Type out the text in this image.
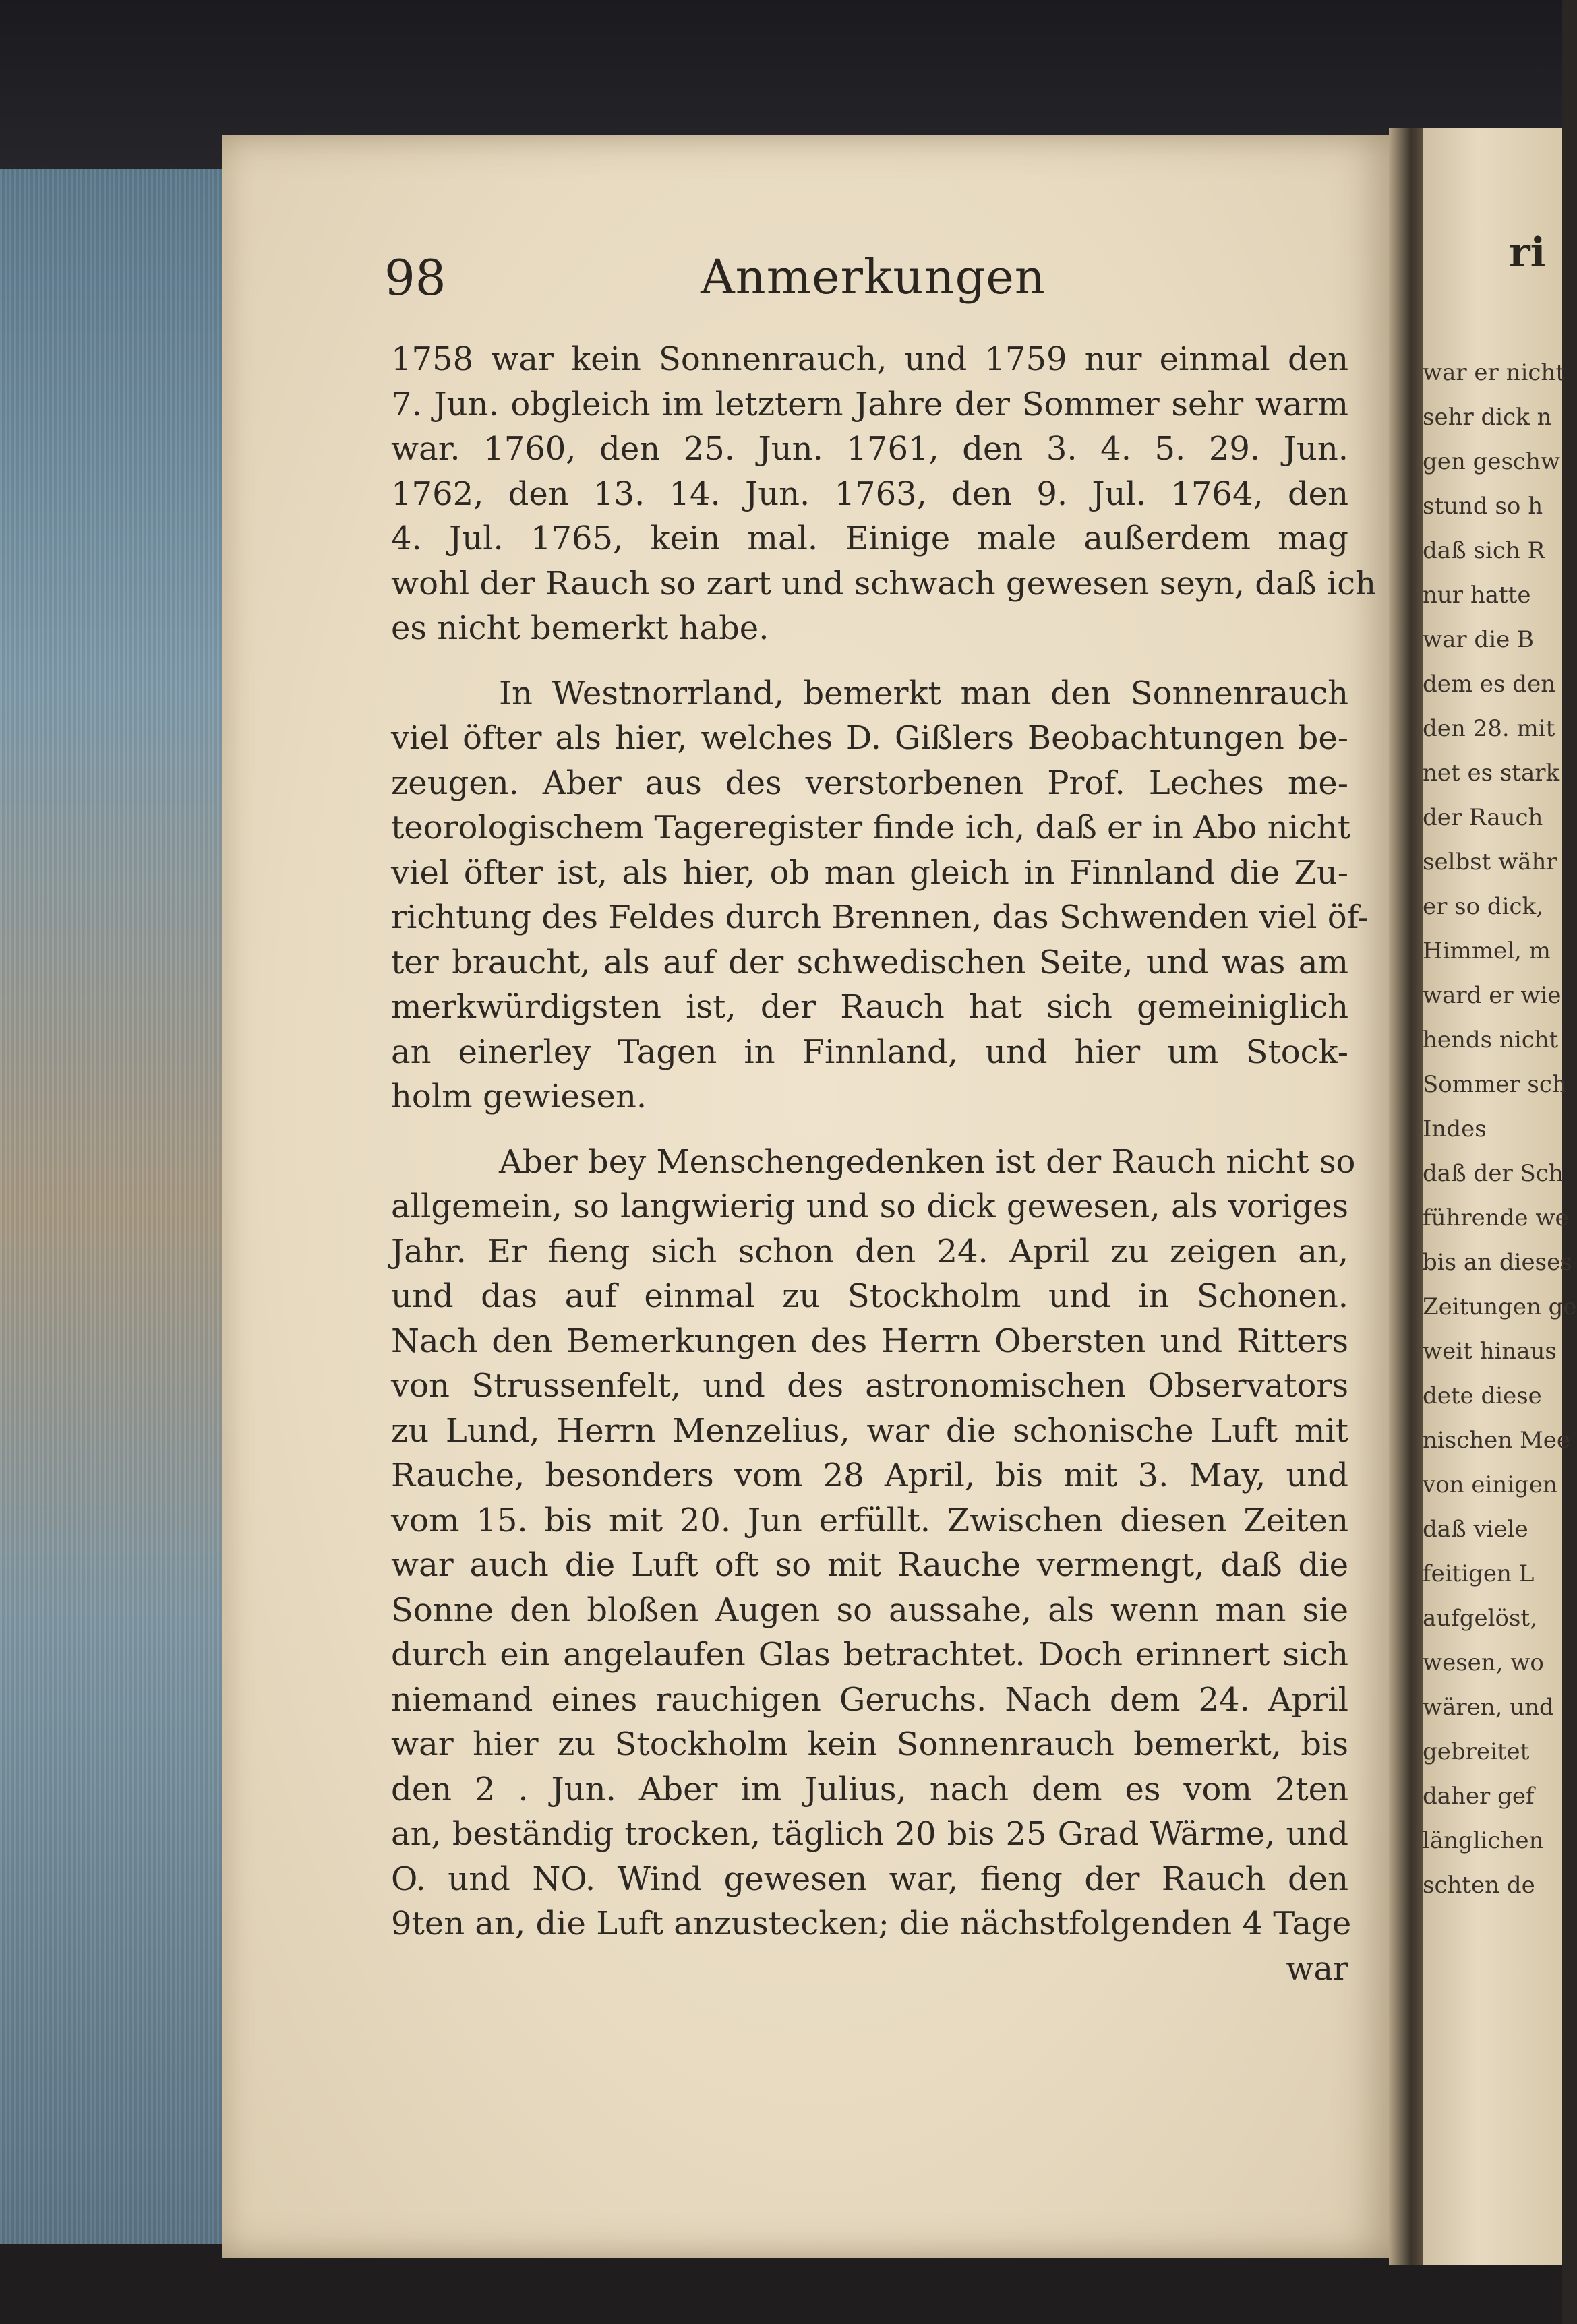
98	Anmerkungen
1758 war kein Sonnenrauch, und 1759 nur einmal den
7. Jun. obgleich im letztern Jahre der Sommer sehr warm
war. 1760, den 25. Jun. 1761, den 3. 4. 5. 29. Jun.
1762, den 13. 14. Jun. 1763, den 9. Jul. 1764, den
4. Jul. 1765, kein mal. Einige male außerdem mag
wohl der Rauch so zart und schwach gewesen seyn, daß ich
es nicht bemerkt habe.
In Westnorrland, bemerkt man den Sonnenrauch
viel öfter als hier, welches D. Gißlers Beobachtungen be-
zeugen. Aber aus des verstorbenen Prof. Leches me-
teorologischem Tageregister finde ich, daß er in Abo nicht
viel öfter ist, als hier, ob man gleich in Finnland die Zu-
richtung des Feldes durch Brennen, das Schwenden viel öf-
ter braucht, als auf der schwedischen Seite, und was am
merkwürdigsten ist, der Rauch hat sich gemeiniglich
an einerley Tagen in Finnland, und hier um Stock-
holm gewiesen.
Aber bey Menschengedenken ist der Rauch nicht so
allgemein, so langwierig und so dick gewesen, als voriges
Jahr. Er fieng sich schon den 24. April zu zeigen an,
und das auf einmal zu Stockholm und in Schonen.
Nach den Bemerkungen des Herrn Obersten und Ritters
von Strussenfelt, und des astronomischen Observators
zu Lund, Herrn Menzelius, war die schonische Luft mit
Rauche, besonders vom 28 April, bis mit 3. May, und
vom 15. bis mit 20. Jun erfüllt. Zwischen diesen Zeiten
war auch die Luft oft so mit Rauche vermengt, daß die
Sonne den bloßen Augen so aussahe, als wenn man sie
durch ein angelaufen Glas betrachtet. Doch erinnert sich
niemand eines rauchigen Geruchs. Nach dem 24. April
war hier zu Stockholm kein Sonnenrauch bemerkt, bis
den 2 . Jun. Aber im Julius, nach dem es vom 2ten
an, beständig trocken, täglich 20 bis 25 Grad Wärme, und
O. und NO. Wind gewesen war, fieng der Rauch den
9ten an, die Luft anzustecken; die nächstfolgenden 4 Tage
war
ri
war er nicht
sehr dick n
gen geschw
stund so h
daß sich R
nur hatte
war die B
dem es den
den 28. mit
net es stark
der Rauch
selbst währ
er so dick,
Himmel, m
ward er wie
hends nicht
Sommer sch
Indes
daß der Sch
führende we
bis an dieses
Zeitungen ge
weit hinaus
dete diese
nischen Mee
von einigen
daß viele
feitigen L
aufgelöst,
wesen, wo
wären, und
gebreitet
daher gef
länglichen
schten de
